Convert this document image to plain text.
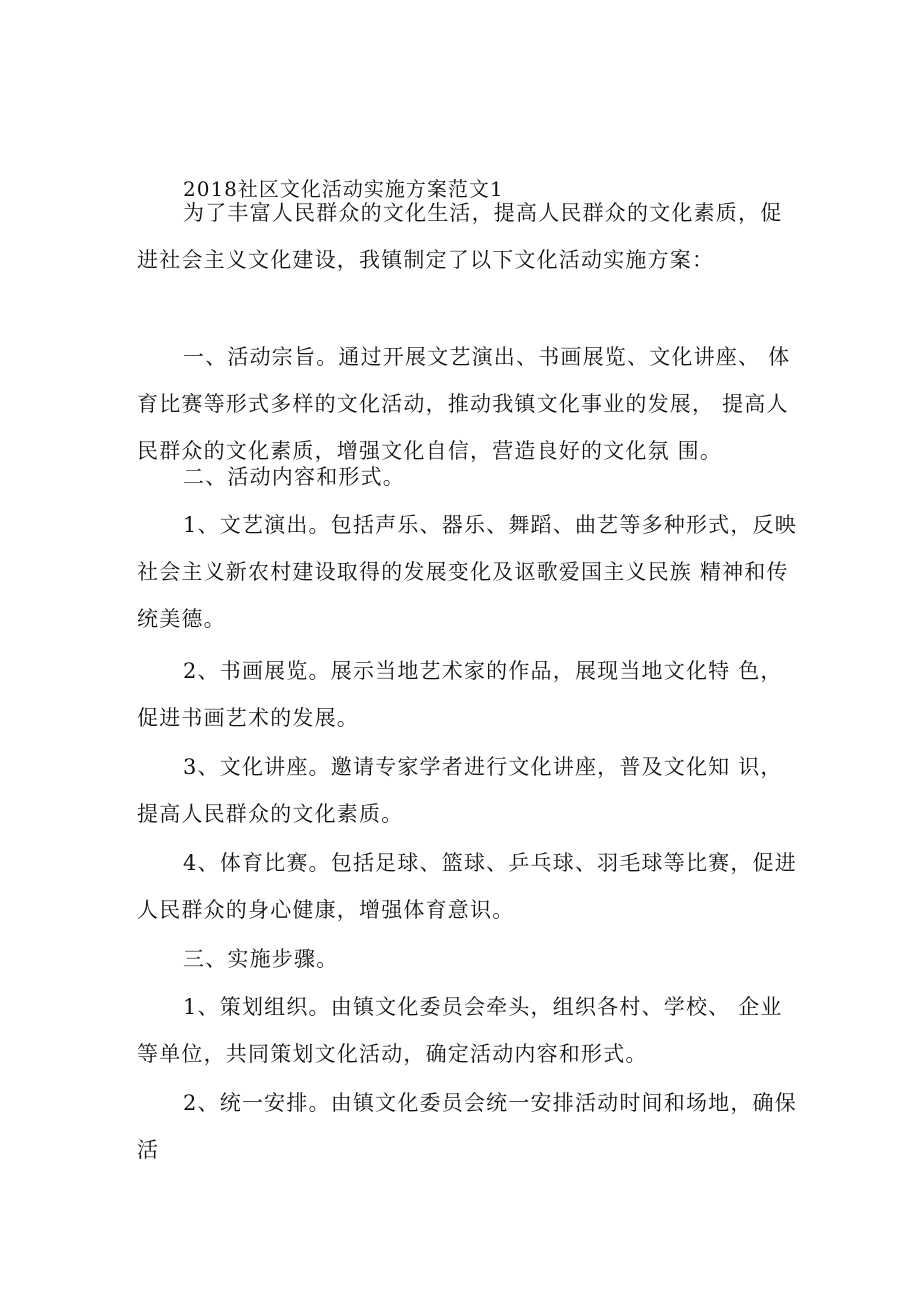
2018社区文化活动实施方案范文1

为了丰富人民群众的文化生活，提高人民群众的文化素质，促进社会主义文化建设，我镇制定了以下文化活动实施方案：

一、活动宗旨。通过开展文艺演出、书画展览、文化讲座、 体育比赛等形式多样的文化活动，推动我镇文化事业的发展， 提高人民群众的文化素质，增强文化自信，营造良好的文化氛 围。

二、活动内容和形式。

1、文艺演出。包括声乐、器乐、舞蹈、曲艺等多种形式，反映社会主义新农村建设取得的发展变化及讴歌爱国主义民族 精神和传统美德。

2、书画展览。展示当地艺术家的作品，展现当地文化特 色，促进书画艺术的发展。

3、文化讲座。邀请专家学者进行文化讲座，普及文化知 识，提高人民群众的文化素质。

4、体育比赛。包括足球、篮球、乒乓球、羽毛球等比赛，促进人民群众的身心健康，增强体育意识。

三、实施步骤。

1、策划组织。由镇文化委员会牵头，组织各村、学校、 企业等单位，共同策划文化活动，确定活动内容和形式。

2、统一安排。由镇文化委员会统一安排活动时间和场地，确保活
